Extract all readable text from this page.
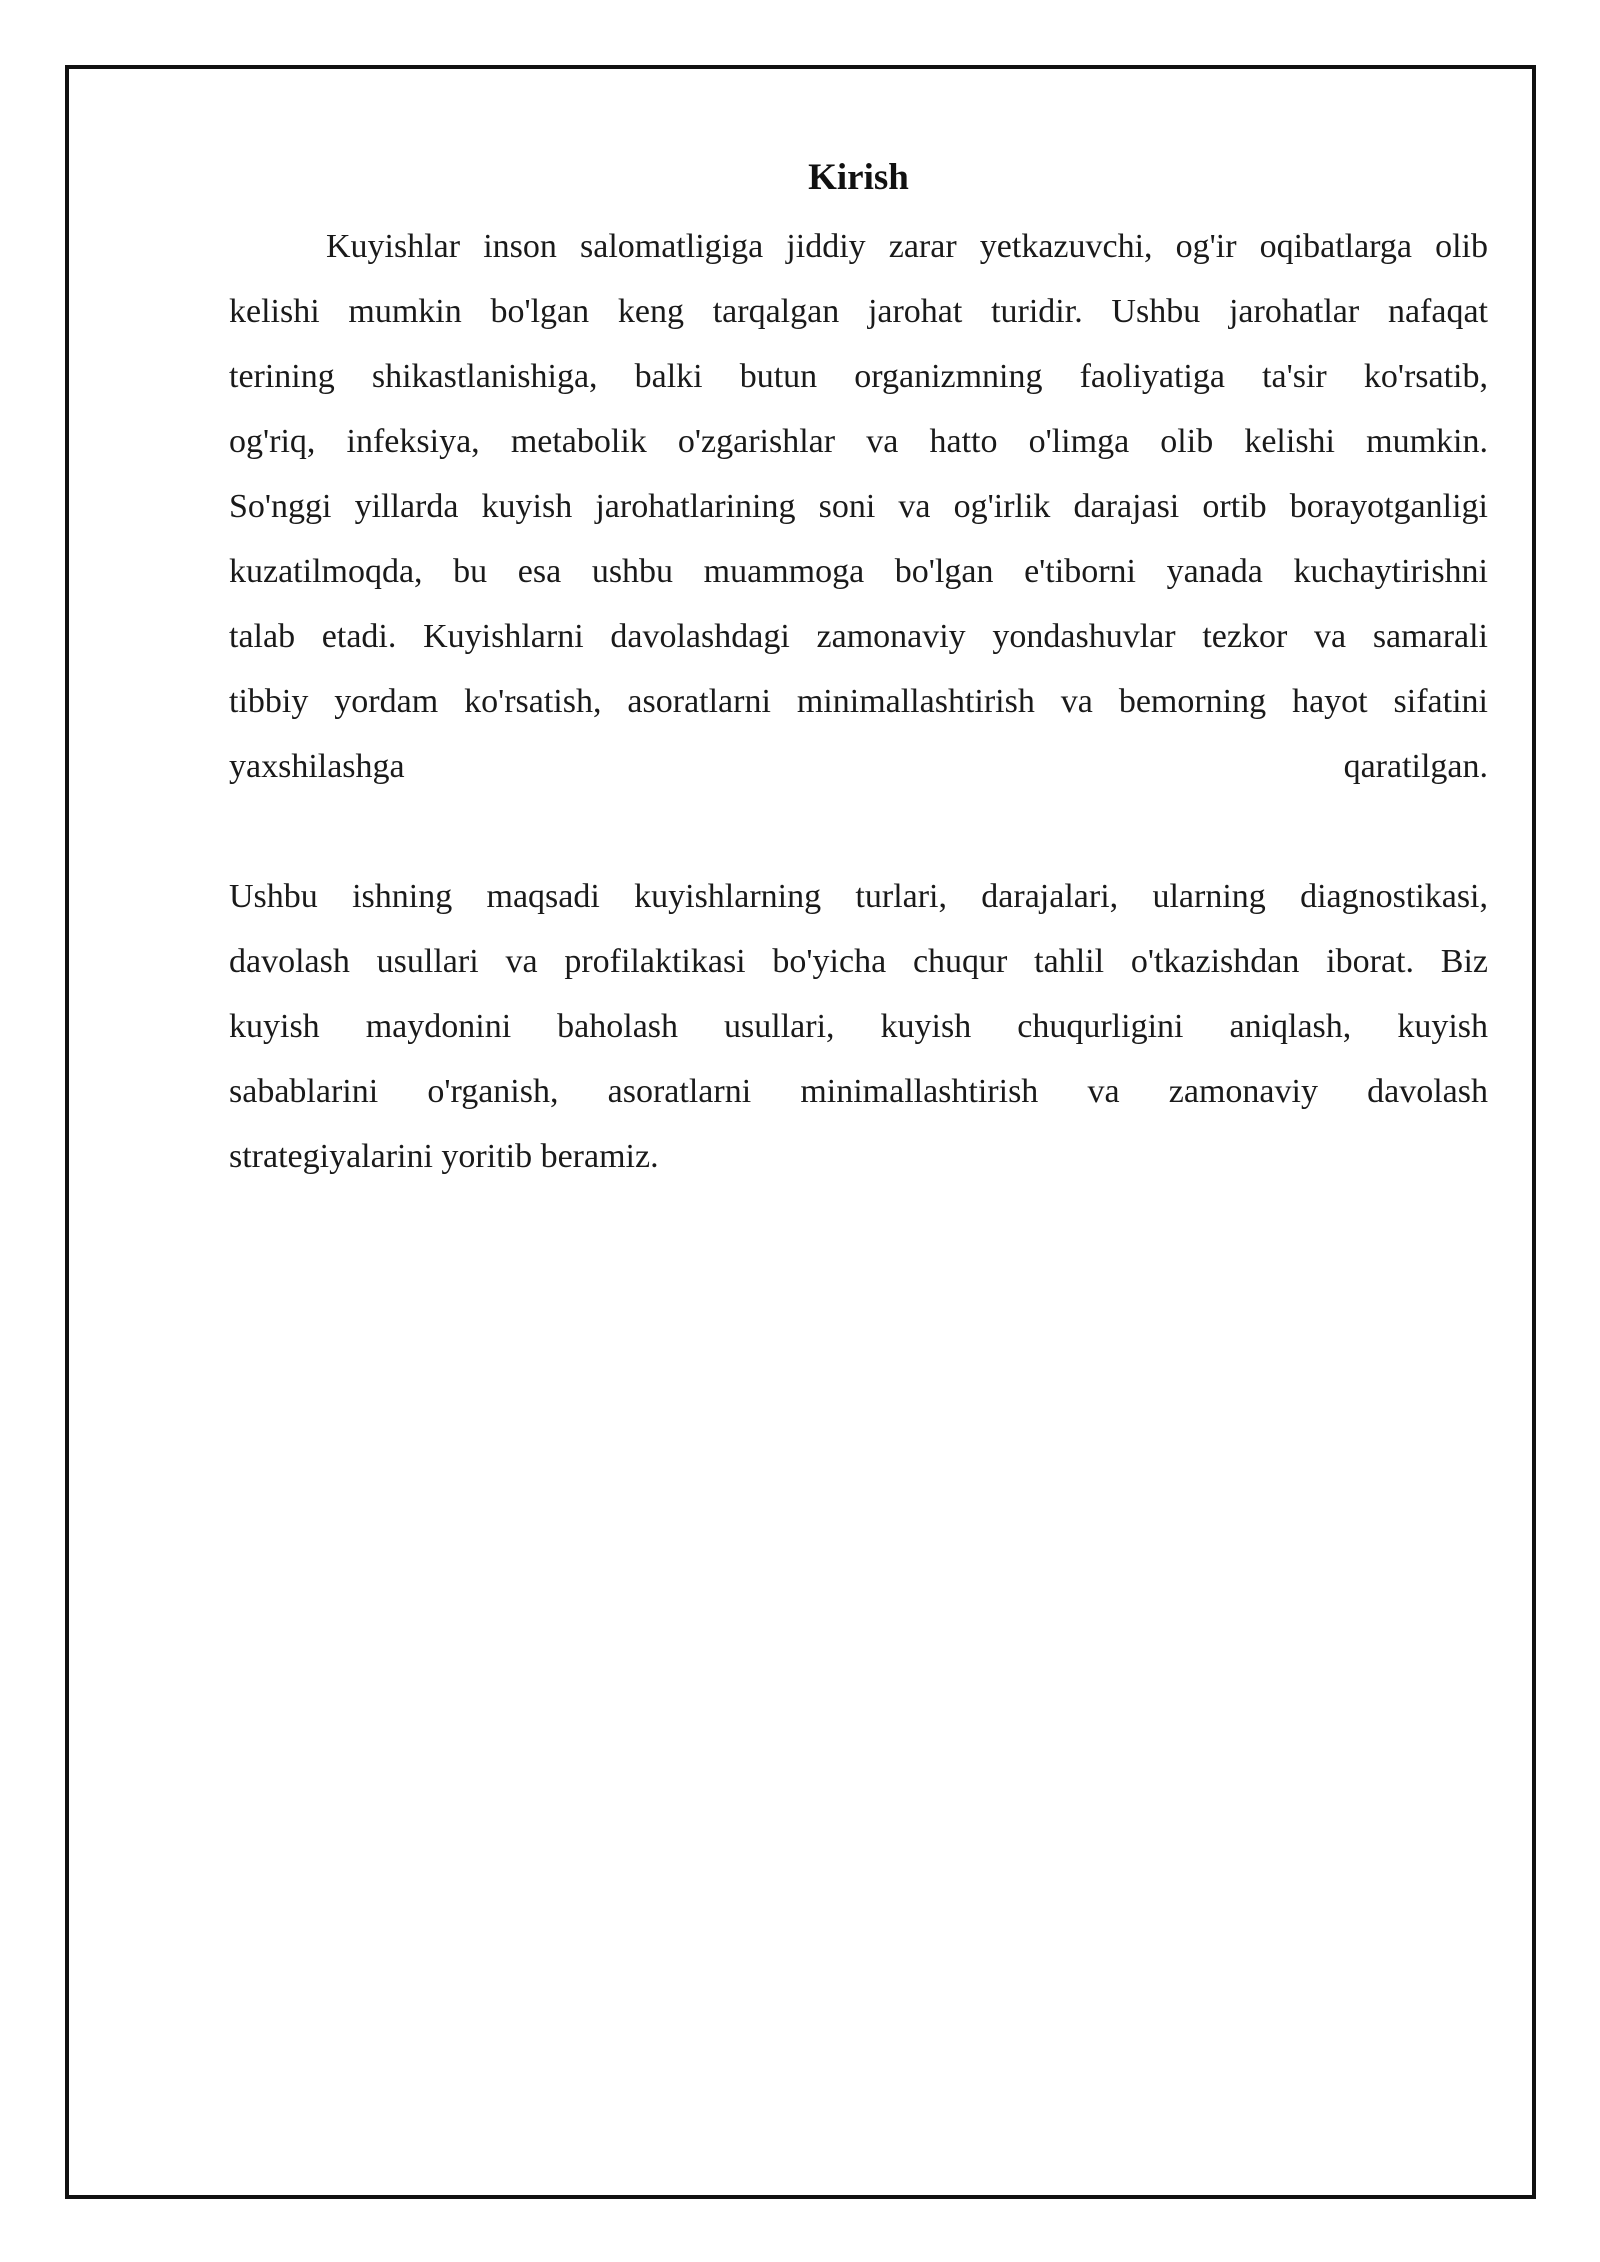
Kirish

Kuyishlar inson salomatligiga jiddiy zarar yetkazuvchi, og'ir oqibatlarga olib
kelishi mumkin bo'lgan keng tarqalgan jarohat turidir. Ushbu jarohatlar nafaqat
terining shikastlanishiga, balki butun organizmning faoliyatiga ta'sir ko'rsatib,
og'riq, infeksiya, metabolik o'zgarishlar va hatto o'limga olib kelishi mumkin.
So'nggi yillarda kuyish jarohatlarining soni va og'irlik darajasi ortib borayotganligi
kuzatilmoqda, bu esa ushbu muammoga bo'lgan e'tiborni yanada kuchaytirishni
talab etadi. Kuyishlarni davolashdagi zamonaviy yondashuvlar tezkor va samarali
tibbiy yordam ko'rsatish, asoratlarni minimallashtirish va bemorning hayot sifatini
yaxshilashga qaratilgan.

Ushbu ishning maqsadi kuyishlarning turlari, darajalari, ularning diagnostikasi,
davolash usullari va profilaktikasi bo'yicha chuqur tahlil o'tkazishdan iborat. Biz
kuyish maydonini baholash usullari, kuyish chuqurligini aniqlash, kuyish
sabablarini o'rganish, asoratlarni minimallashtirish va zamonaviy davolash
strategiyalarini yoritib beramiz.
